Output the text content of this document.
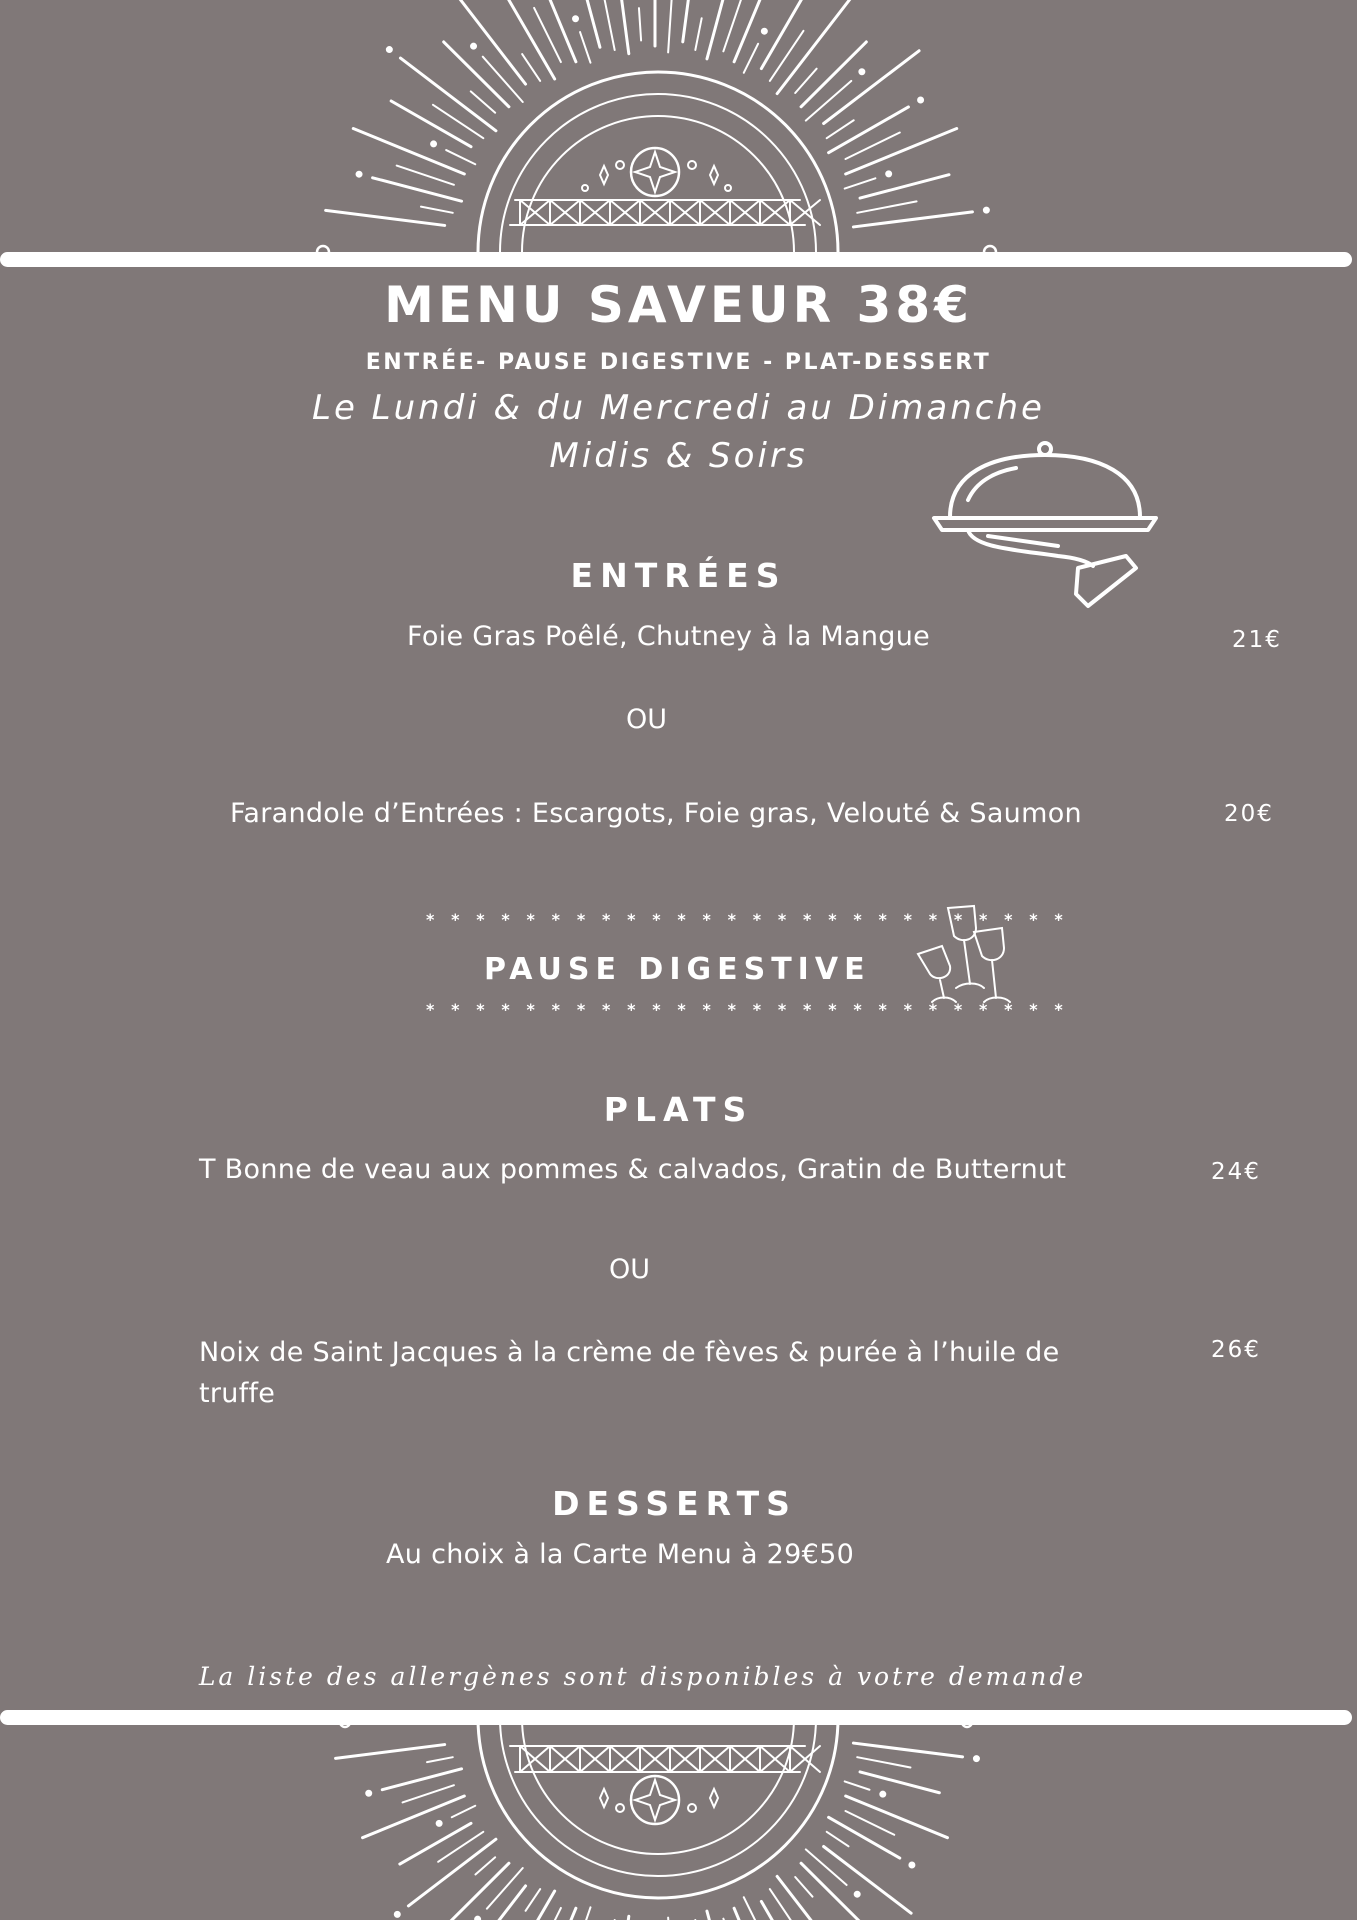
MENU SAVEUR 38€
ENTRÉE- PAUSE DIGESTIVE - PLAT-DESSERT
Le Lundi & du Mercredi au Dimanche
Midis & Soirs
ENTRÉES
Foie Gras Poêlé, Chutney à la Mangue	21€
OU
Farandole d’Entrées : Escargots, Foie gras, Velouté & Saumon	20€
* * * * * * * * * * * * * * * * * * * * * * * * * *
PAUSE DIGESTIVE
* * * * * * * * * * * * * * * * * * * * * * * * * *
PLATS
T Bonne de veau aux pommes & calvados, Gratin de Butternut	24€
OU
Noix de Saint Jacques à la crème de fèves & purée à l’huile de
truffe
26€
DESSERTS
Au choix à la Carte Menu à 29€50
La liste des allergènes sont disponibles à votre demande
